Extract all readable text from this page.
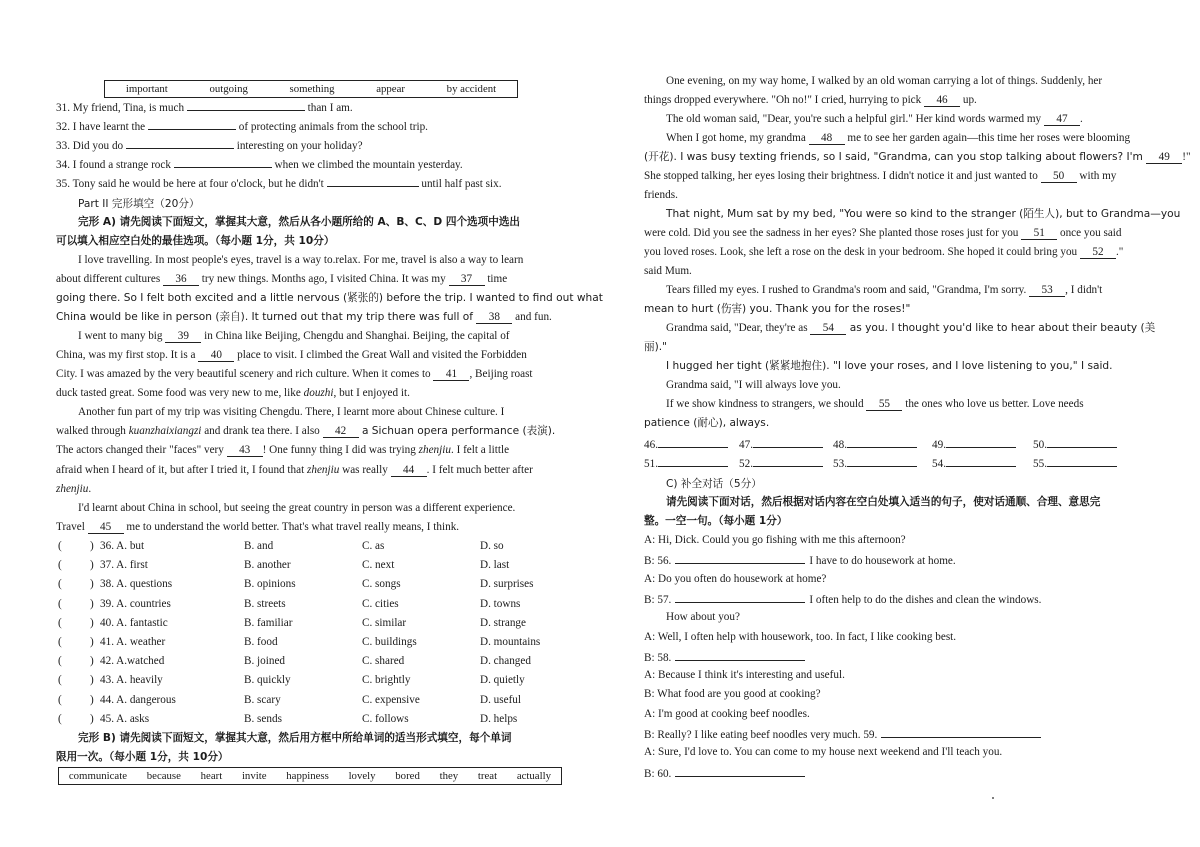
important	outgoing	something	appear	by accident
31. My friend, Tina, is much	than I am.
32. I have learnt the	of protecting animals from the school trip.
33. Did you do	interesting on your holiday?
34. I found a strange rock	when we climbed the mountain yesterday.
35. Tony said he would be here at four o'clock, but he didn't	until half past six.
Part II 完形填空（20分）
完形 A) 请先阅读下面短文，掌握其大意，然后从各小题所给的 A、B、C、D 四个选项中选出
可以填入相应空白处的最佳选项。（每小题 1分，共 10分）
I love travelling. In most people's eyes, travel is a way to.relax. For me, travel is also a way to learn
about different cultures 36 try new things. Months ago, I visited China. It was my 37 time
going there. So I felt both excited and a little nervous (紧张的) before the trip. I wanted to find out what
China would be like in person (亲自). It turned out that my trip there was full of 38 and fun.
I went to many big 39 in China like Beijing, Chengdu and Shanghai. Beijing, the capital of
China, was my first stop. It is a 40 place to visit. I climbed the Great Wall and visited the Forbidden
City. I was amazed by the very beautiful scenery and rich culture. When it comes to 41 , Beijing roast
duck tasted great. Some food was very new to me, like douzhi, but I enjoyed it.
Another fun part of my trip was visiting Chengdu. There, I learnt more about Chinese culture. I
walked through kuanzhaixiangzi and drank tea there. I also 42 a Sichuan opera performance (表演).
The actors changed their "faces" very 43 ! One funny thing I did was trying zhenjiu. I felt a little
afraid when I heard of it, but after I tried it, I found that zhenjiu was really 44 . I felt much better after
zhenjiu.
I'd learnt about China in school, but seeing the great country in person was a different experience.
Travel 45 me to understand the world better. That's what travel really means, I think.
(	) 36. A. but	B. and	C. as	D. so
(	) 37. A. first	B. another	C. next	D. last
(	) 38. A. questions	B. opinions	C. songs	D. surprises
(	) 39. A. countries	B. streets	C. cities	D. towns
(	) 40. A. fantastic	B. familiar	C. similar	D. strange
(	) 41. A. weather	B. food	C. buildings	D. mountains
(	) 42. A.watched	B. joined	C. shared	D. changed
(	) 43. A. heavily	B. quickly	C. brightly	D. quietly
(	) 44. A. dangerous	B. scary	C. expensive	D. useful
(	) 45. A. asks	B. sends	C. follows	D. helps
完形 B) 请先阅读下面短文，掌握其大意，然后用方框中所给单词的适当形式填空，每个单词
限用一次。（每小题 1分，共 10分）
communicate because heart invite happiness lovely bored they treat actually
One evening, on my way home, I walked by an old woman carrying a lot of things. Suddenly, her
things dropped everywhere. "Oh no!" I cried, hurrying to pick 46 up.
The old woman said, "Dear, you're such a helpful girl." Her kind words warmed my 47 .
When I got home, my grandma 48 me to see her garden again—this time her roses were blooming
(开花). I was busy texting friends, so I said, "Grandma, can you stop talking about flowers? I'm 49 !"
She stopped talking, her eyes losing their brightness. I didn't notice it and just wanted to 50 with my
friends.
That night, Mum sat by my bed, "You were so kind to the stranger (陌生人), but to Grandma—you
were cold. Did you see the sadness in her eyes? She planted those roses just for you 51 once you said
you loved roses. Look, she left a rose on the desk in your bedroom. She hoped it could bring you 52 ."
said Mum.
Tears filled my eyes. I rushed to Grandma's room and said, "Grandma, I'm sorry. 53 , I didn't
mean to hurt (伤害) you. Thank you for the roses!"
Grandma said, "Dear, they're as 54 as you. I thought you'd like to hear about their beauty (美
丽)."
I hugged her tight (紧紧地抱住). "I love your roses, and I love listening to you," I said.
Grandma said, "I will always love you.
If we show kindness to strangers, we should 55 the ones who love us better. Love needs
patience (耐心), always.
46.	47.	48.	49.	50.
51.	52.	53.	54.	55.
C) 补全对话（5分）
请先阅读下面对话，然后根据对话内容在空白处填入适当的句子，使对话通顺、合理、意思完
整。一空一句。（每小题 1分）
A: Hi, Dick. Could you go fishing with me this afternoon?
B: 56.	I have to do housework at home.
A: Do you often do housework at home?
B: 57.	I often help to do the dishes and clean the windows.
How about you?
A: Well, I often help with housework, too. In fact, I like cooking best.
B: 58.
A: Because I think it's interesting and useful.
B: What food are you good at cooking?
A: I'm good at cooking beef noodles.
B: Really? I like eating beef noodles very much. 59.
A: Sure, I'd love to. You can come to my house next weekend and I'll teach you.
B: 60.
